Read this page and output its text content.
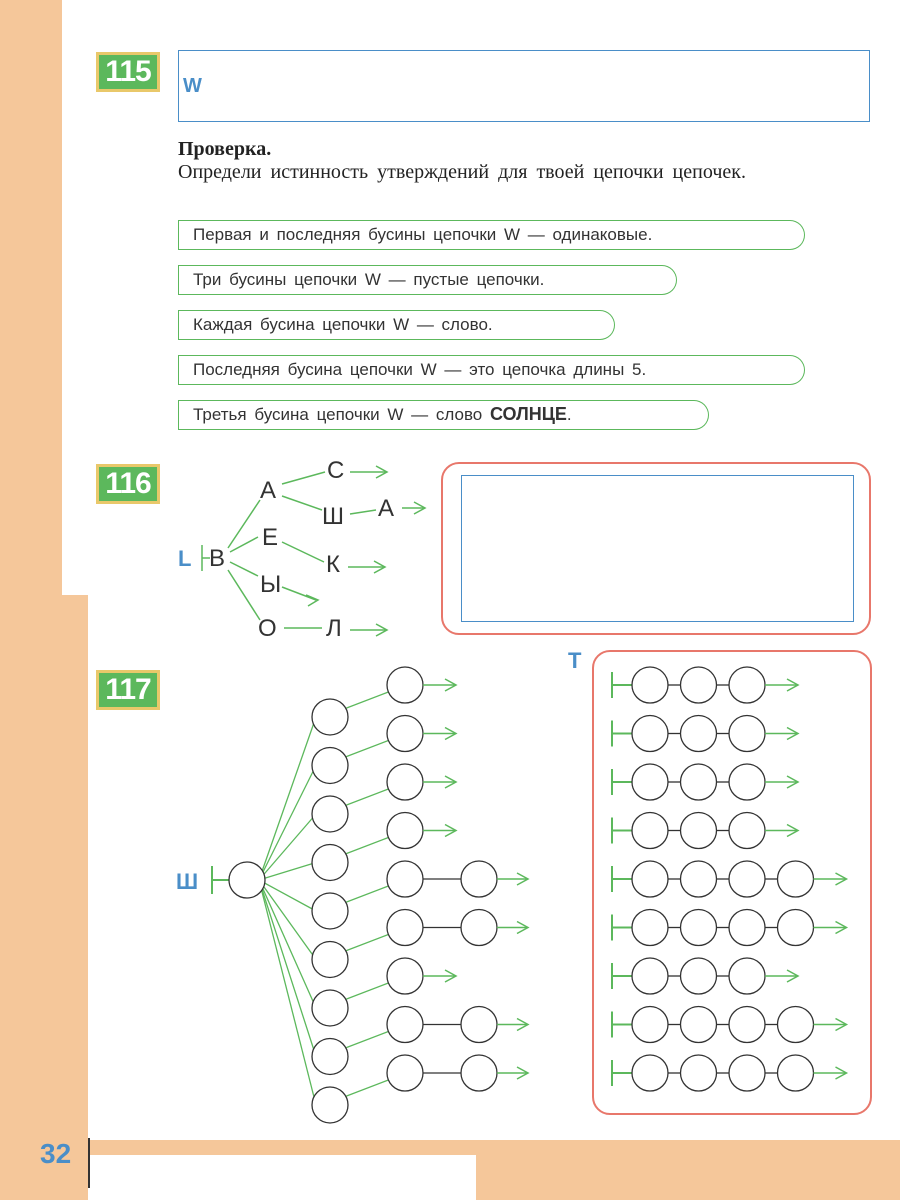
32
115	W
Проверка.
Определи истинность утверждений для твоей цепочки цепочек.
Первая и последняя бусины цепочки W — одинаковые.
Три бусины цепочки W — пустые цепочки.
Каждая бусина цепочки W — слово.
Последняя бусина цепочки W — это цепочка длины 5.
Третья бусина цепочки W — слово СОЛНЦЕ.
116
L В
А
С
Ш А
Е
К
Ы
О Л
117
Т
Ш
